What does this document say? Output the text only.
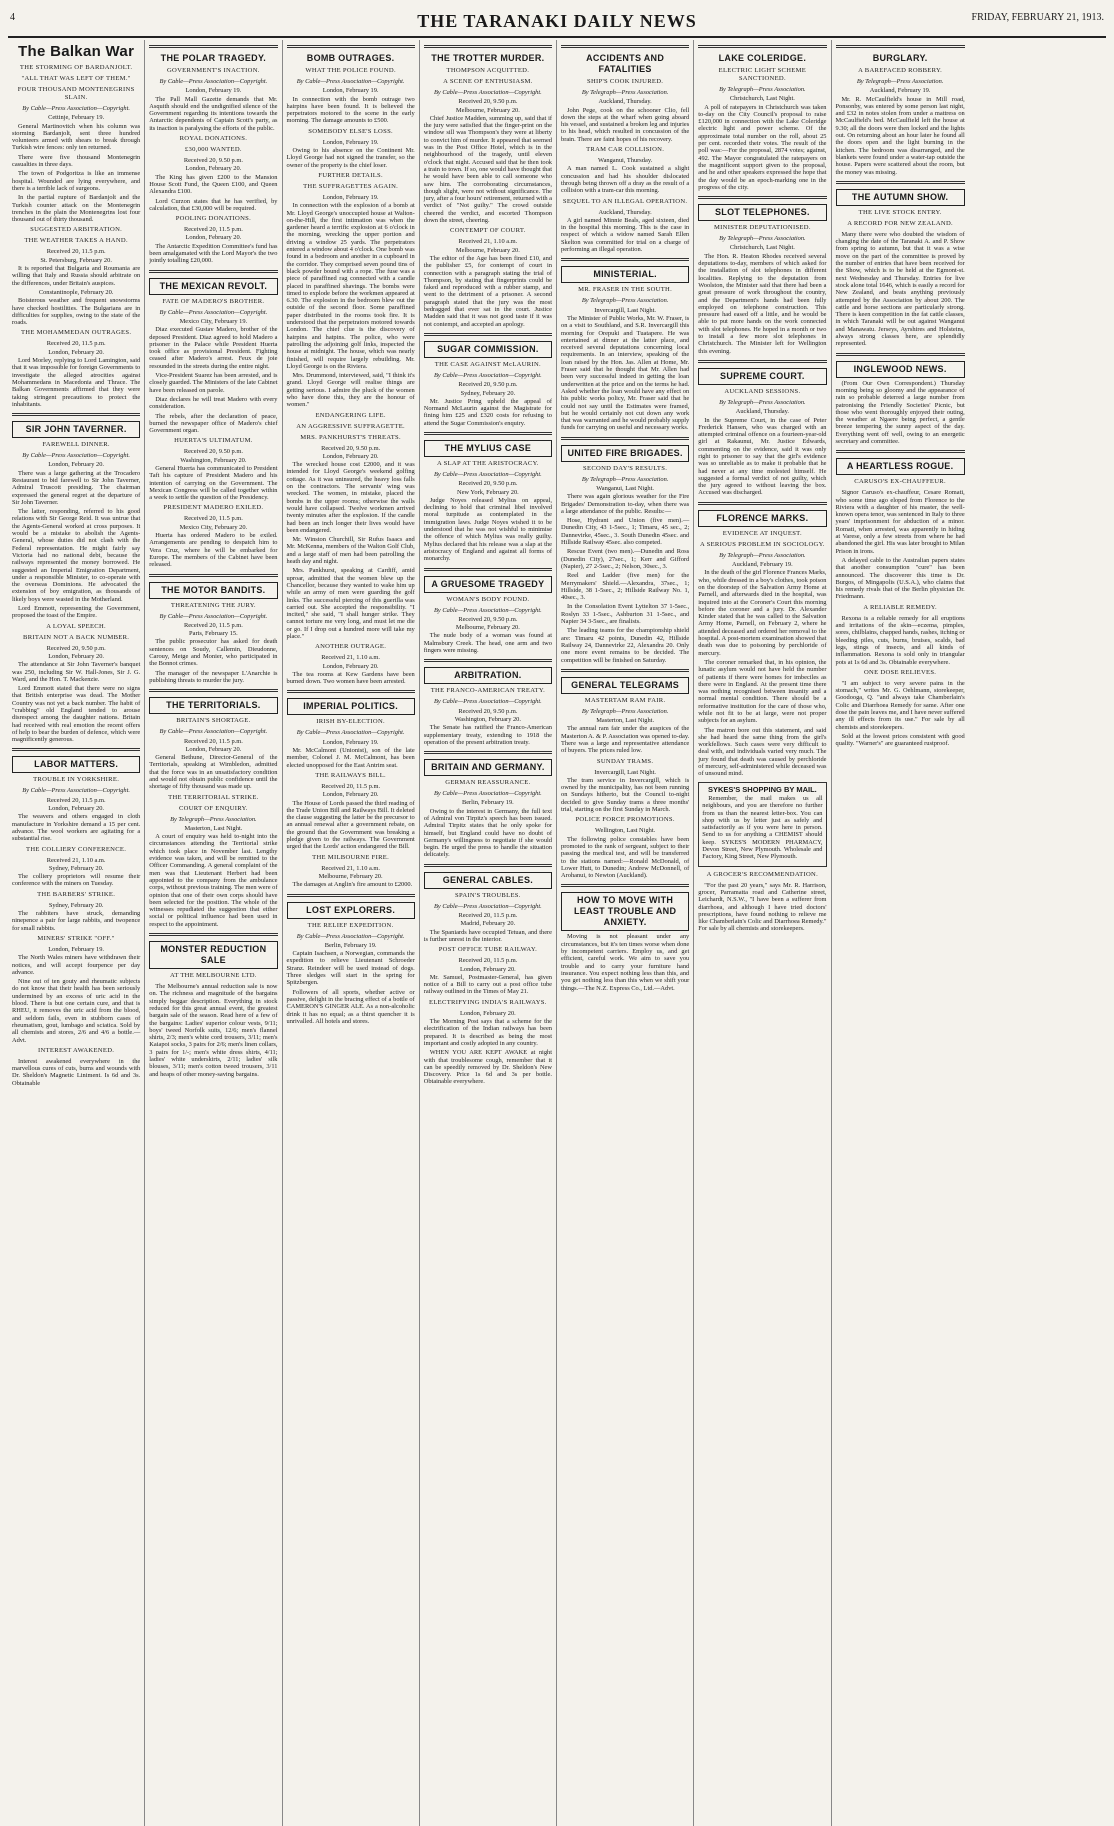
4	THE TARANAKI DAILY NEWS	FRIDAY, FEBRUARY 21, 1913.
The Balkan War
THE STORMING OF BARDANJOLT.
"ALL THAT WAS LEFT OF THEM."
FOUR THOUSAND MONTENEGRINS SLAIN.
By Cable—Press Association—Copyright.
Cettinje, February 19.

General Martinovitch when his column was storming Bardanjolt, sent three hundred volunteers armed with shears to break through Turkish wire fences: only ten returned.

There were five thousand Montenegrin casualties in three days.

The town of Podgoritza is like an immense hospital. Wounded are lying everywhere, and there is a terrible lack of surgeons.

In the partial rupture of Bardanjolt and the Turkish counter attack on the Montenegrin trenches in the plain the Montenegrins lost four thousand out of thirty thousand.

SUGGESTED ARBITRATION.
THE WEATHER TAKES A HAND.
Received 20, 11.5 p.m.
St. Petersburg, February 20.

It is reported that Bulgaria and Roumania are willing that Italy and Russia should arbitrate on the differences, under Britain's auspices.

Constantinople, February 20.

Boisterous weather and frequent snowstorms have checked hostilities. The Bulgarians are in difficulties for supplies, owing to the state of the roads.

THE MOHAMMEDAN OUTRAGES.
Received 20, 11.5 p.m.
London, February 20.

Lord Morley, replying to Lord Lamington, said that it was impossible for foreign Governments to investigate the alleged atrocities against Mohammedans in Macedonia and Thrace. The Balkan Governments affirmed that they were taking stringent precautions to protect the inhabitants.

SIR JOHN TAVERNER.
FAREWELL DINNER.
By Cable—Press Association—Copyright.
London, February 20.

There was a large gathering at the Trocadero Restaurant to bid farewell to Sir John Taverner, Admiral Truscott presiding. The chairman expressed the general regret at the departure of Sir John Taverner.

The latter, responding, referred to his good relations with Sir George Reid. It was untrue that the Agents-General worked at cross purposes. It would be a mistake to abolish the Agents-General, whose duties did not clash with the Federal representation. He might fairly say Victoria had no national debt, because the railways represented the money borrowed. He suggested an Imperial Emigration Department, under a responsible Minister, to co-operate with the overseas Dominions. He advocated the extension of boy emigration, as thousands of likely boys were wasted in the Motherland.

Lord Emmott, representing the Government, proposed the toast of the Empire.

A LOYAL SPEECH.
BRITAIN NOT A BACK NUMBER.
Received 20, 9.50 p.m.
London, February 20.

The attendance at Sir John Taverner's banquet was 250, including Sir W. Hall-Jones, Sir J. G. Ward, and the Hon. T. Mackenzie.

Lord Emmott stated that there were no signs that British enterprise was dead. The Mother Country was not yet a back number. The habit of "crabbing" old England tended to arouse disrespect among the daughter nations. Britain had received with real emotion the recent offers of help to bear the burden of defence, which were magnificently generous.

LABOR MATTERS.
TROUBLE IN YORKSHIRE.
By Cable—Press Association—Copyright.
Received 20, 11.5 p.m.
London, February 20.

The weavers and others engaged in cloth manufacture in Yorkshire demand a 15 per cent. advance. The wool workers are agitating for a substantial rise.

THE COLLIERY CONFERENCE.
Received 21, 1.10 a.m.
Sydney, February 20.

The colliery proprietors will resume their conference with the miners on Tuesday.

THE BARBERS' STRIKE.
Sydney, February 20.

The rabbiters have struck, demanding ninepence a pair for large rabbits, and twopence for small rabbits.

MINERS' STRIKE "OFF."
London, February 19.

The North Wales miners have withdrawn their notices, and will accept fourpence per day advance.

Nine out of ten gouty and rheumatic subjects do not know that their health has been seriously undermined by an excess of uric acid in the blood. There is but one certain cure, and that is RHEU, it removes the uric acid from the blood, and seldom fails, even in stubborn cases of rheumatism, gout, lumbago and sciatica. Sold by all chemists and stores, 2/6 and 4/6 a bottle.—Advt.

INTEREST AWAKENED.

Interest awakened everywhere in the marvellous cures of cuts, burns and wounds with Dr. Sheldon's Magnetic Liniment. Is 6d and 3s. Obtainable

THE POLAR TRAGEDY.
GOVERNMENT'S INACTION.
By Cable—Press Association—Copyright.
London, February 19.

The Pall Mall Gazette demands that Mr. Asquith should end the undignified silence of the Government regarding its intentions towards the Antarctic dependents of Captain Scott's party, as its inaction is paralysing the efforts of the public.

ROYAL DONATIONS.
£30,000 WANTED.
Received 20, 9.50 p.m.
London, February 20.

The King has given £200 to the Mansion House Scott Fund, the Queen £100, and Queen Alexandra £100.

Lord Curzon states that he has verified, by calculation, that £30,000 will be required.

POOLING DONATIONS.
Received 20, 11.5 p.m.
London, February 20.

The Antarctic Expedition Committee's fund has been amalgamated with the Lord Mayor's the two jointly totalling £20,000.

THE MEXICAN REVOLT.
FATE OF MADERO'S BROTHER.
By Cable—Press Association—Copyright.
Mexico City, February 19.

Diaz executed Gustav Madero, brother of the deposed President. Diaz agreed to hold Madero a prisoner in the Palace while President Huerta took office as provisional President. Fighting ceased after Madero's arrest. Feux de joie resounded in the streets during the entire night.

Vice-President Suarez has been arrested, and is closely guarded. The Ministers of the late Cabinet have been released on parole.

Diaz declares he will treat Madero with every consideration.

The rebels, after the declaration of peace, burned the newspaper office of Madero's chief Government organ.

HUERTA'S ULTIMATUM.
Received 20, 9.50 p.m.
Washington, February 20.

General Huerta has communicated to President Taft his capture of President Madero and his intention of carrying on the Government. The Mexican Congress will be called together within a week to settle the question of the Presidency.

PRESIDENT MADERO EXILED.
Received 20, 11.5 p.m.
Mexico City, February 20.

Huerta has ordered Madero to be exiled. Arrangements are pending to despatch him to Vera Cruz, where he will be embarked for Europe. The members of the Cabinet have been released.

THE MOTOR BANDITS.
THREATENING THE JURY.
By Cable—Press Association—Copyright.
Received 20, 11.5 p.m.
Paris, February 15.

The public prosecutor has asked for death sentences on Soudy, Callemin, Dieudonne, Carouy, Metge and Monier, who participated in the Bonnot crimes.

The manager of the newspaper L'Anarchie is publishing threats to murder the jury.

THE TERRITORIALS.
BRITAIN'S SHORTAGE.
By Cable—Press Association—Copyright.
Received 20, 11.5 p.m.
London, February 20.

General Bethune, Director-General of the Territorials, speaking at Wimbledon, admitted that the force was in an unsatisfactory condition and would not obtain public confidence until the shortage of fifty thousand was made up.

THE TERRITORIAL STRIKE.
COURT OF ENQUIRY.
By Telegraph—Press Association.
Masterton, Last Night.

A court of enquiry was held to-night into the circumstances attending the Territorial strike which took place in November last. Lengthy evidence was taken, and will be remitted to the Officer Commanding. A general complaint of the men was that Lieutenant Herbert had been appointed to the company from the ambulance corps, without previous training. The men were of opinion that one of their own corps should have been selected for the position. The whole of the witnesses repudiated the suggestion that either social or political influence had been used in respect to the appointment.

MONSTER REDUCTION SALE
AT THE MELBOURNE LTD.

The Melbourne's annual reduction sale is now on. The richness and magnitude of the bargains simply beggar description. Everything in stock reduced for this great annual event, the greatest bargain sale of the season. Read here of a few of the bargains: Ladies' superior colour vests, 9/11; boys' tweed Norfolk suits, 12/6; men's flannel shirts, 2/3; men's white cord trousers, 3/11; men's Kaiapoi socks, 3 pairs for 2/6; men's linen collars, 3 pairs for 1/-; men's white dress shirts, 4/11; ladies' white underskirts, 2/11; ladies' silk blouses, 3/11; men's cotton tweed trousers, 3/11 and heaps of other money-saving bargains.

BOMB OUTRAGES.
WHAT THE POLICE FOUND.
By Cable—Press Association—Copyright.
London, February 19.

In connection with the bomb outrage two hairpins have been found. It is believed the perpetrators motored to the scene in the early morning. The damage amounts to £500.

SOMEBODY ELSE'S LOSS.
London, February 19.

Owing to his absence on the Continent Mr. Lloyd George had not signed the transfer, so the owner of the property is the chief loser.

FURTHER DETAILS.
THE SUFFRAGETTES AGAIN.
London, February 19.

In connection with the explosion of a bomb at Mr. Lloyd George's unoccupied house at Walton-on-the-Hill, the first intimation was when the gardener heard a terrific explosion at 6 o'clock in the morning, wrecking the upper portion and driving a window 25 yards. The perpetrators entered a window about 4 o'clock. One bomb was found in a bedroom and another in a cupboard in the corridor. They comprised seven pound tins of black powder bound with a rope. The fuse was a piece of paraffined rag connected with a candle placed in paraffined shavings. The bombs were timed to explode before the workmen appeared at 6.30. The explosion in the bedroom blew out the outside of the second floor. Some paraffined paper distributed in the rooms took fire. It is understood that the perpetrators motored towards London. The chief clue is the discovery of hairpins and hatpins. The police, who were patrolling the adjoining golf links, inspected the house at midnight. The house, which was nearly finished, will require largely rebuilding. Mr. Lloyd George is on the Riviera.

Mrs. Drummond, interviewed, said, "I think it's grand. Lloyd George will realise things are getting serious. I admire the pluck of the women who have done this, they are the honour of women."

ENDANGERING LIFE.
AN AGGRESSIVE SUFFRAGETTE.
MRS. PANKHURST'S THREATS.
Received 20, 9.50 p.m.
London, February 20.

The wrecked house cost £2000, and it was intended for Lloyd George's weekend golfing cottage. As it was uninsured, the heavy loss falls on the contractors. The servants' wing was wrecked. The women, in mistake, placed the bombs in the upper rooms; otherwise the walls would have collapsed. Twelve workmen arrived twenty minutes after the explosion. If the candle had been an inch longer their lives would have been endangered.

Mr. Winston Churchill, Sir Rufus Isaacs and Mr. McKenna, members of the Walton Golf Club, and a large staff of men had been patrolling the heath day and night.

Mrs. Pankhurst, speaking at Cardiff, amid uproar, admitted that the women blew up the Chancellor, because they wanted to wake him up while an army of men were guarding the golf links. The successful piercing of this guerilla was carried out. She accepted the responsibility. "I incited," she said, "I shall hunger strike. They cannot torture me very long, and must let me die or go. If I drop out a hundred more will take my place."

ANOTHER OUTRAGE.
Received 21, 1.10 a.m.
London, February 20.

The tea rooms at Kew Gardens have been burned down. Two women have been arrested.

IMPERIAL POLITICS.
IRISH BY-ELECTION.
By Cable—Press Association—Copyright.
London, February 19.

Mr. McCalmont (Unionist), son of the late member, Colonel J. M. McCalmont, has been elected unopposed for the East Antrim seat.

THE RAILWAYS BILL.
Received 20, 11.5 p.m.
London, February 20.

The House of Lords passed the third reading of the Trade Union Bill and Railways Bill. It deleted the clause suggesting the latter be the precursor to an annual renewal after a government rebate, on the ground that the Government was breaking a pledge given to the railways. The Government urged that the Lords' action endangered the Bill.

THE MILBOURNE FIRE.
Received 21, 1.10 a.m.
Melbourne, February 20.

The damages at Anglin's fire amount to £2000.

LOST EXPLORERS.
THE RELIEF EXPEDITION.
By Cable—Press Association—Copyright.
Berlin, February 19.

Captain Isachsen, a Norwegian, commands the expedition to relieve Lieutenant Schroeder Stranz. Reindeer will be used instead of dogs. Three sledges will start in the spring for Spitzbergen.

Followers of all sports, whether active or passive, delight in the bracing effect of a bottle of CAMERON'S GINGER ALE. As a non-alcoholic drink it has no equal; as a thirst quencher it is unrivalled. All hotels and stores.

THE TROTTER MURDER.
THOMPSON ACQUITTED.
A SCENE OF ENTHUSIASM.
By Cable—Press Association—Copyright.
Received 20, 9.50 p.m.
Melbourne, February 20.

Chief Justice Madden, summing up, said that if the jury were satisfied that the finger-print on the window sill was Thompson's they were at liberty to convict him of murder. It appeared that seemed was in the Post Office Hotel, which is in the neighbourhood of the tragedy, until eleven o'clock that night. Accused said that he then took a train to town. If so, one would have thought that he would have been able to call someone who saw him. The corroborating circumstances, though slight, were not without significance. The jury, after a four hours' retirement, returned with a verdict of "Not guilty." The crowd outside cheered the verdict, and escorted Thompson down the street, cheering.

CONTEMPT OF COURT.
Received 21, 1.10 a.m.
Melbourne, February 20.

The editor of the Age has been fined £10, and the publisher £5, for contempt of court in connection with a paragraph stating the trial of Thompson, by stating that fingerprints could be faked and reproduced with a rubber stamp, and went to the detriment of a prisoner. A second paragraph stated that the jury was the most bedragged that ever sat in the court. Justice Madden said that it was not good taste if it was not contempt, and accepted an apology.

SUGAR COMMISSION.
THE CASE AGAINST McLAURIN.
By Cable—Press Association—Copyright.
Received 20, 9.50 p.m.
Sydney, February 20.

Mr. Justice Pring upheld the appeal of Normand McLaurin against the Magistrate for fining him £25 and £320 costs for refusing to attend the Sugar Commission's enquiry.

THE MYLIUS CASE
A SLAP AT THE ARISTOCRACY.
By Cable—Press Association—Copyright.
Received 20, 9.50 p.m.
New York, February 20.

Judge Noyes released Mylius on appeal, declining to hold that criminal libel involved moral turpitude as contemplated in the immigration laws. Judge Noyes wished it to be understood that he was not wishful to minimise the offence of which Mylius was really guilty. Mylius declared that his release was a slap at the aristocracy of England and against all forms of monarchy.

A GRUESOME TRAGEDY
WOMAN'S BODY FOUND.
By Cable—Press Association—Copyright.
Received 20, 9.50 p.m.
Melbourne, February 20.

The nude body of a woman was found at Malmsbury Creek. The head, one arm and two fingers were missing.

ARBITRATION.
THE FRANCO-AMERICAN TREATY.
By Cable—Press Association—Copyright.
Received 20, 9.50 p.m.
Washington, February 20.

The Senate has ratified the Franco-American supplementary treaty, extending to 1918 the operation of the present arbitration treaty.

BRITAIN AND GERMANY.
GERMAN REASSURANCE.
By Cable—Press Association—Copyright.
Berlin, February 19.

Owing to the interest in Germany, the full text of Admiral von Tirpitz's speech has been issued. Admiral Tirpitz states that he only spoke for himself, but England could have no doubt of Germany's willingness to negotiate if she would begin. He urged the press to handle the situation delicately.

GENERAL CABLES.
SPAIN'S TROUBLES.
By Cable—Press Association—Copyright.
Received 20, 11.5 p.m.
Madrid, February 20.

The Spaniards have occupied Tetuan, and there is further unrest in the interior.

POST OFFICE TUBE RAILWAY.
Received 20, 11.5 p.m.
London, February 20.

Mr. Samuel, Postmaster-General, has given notice of a Bill to carry out a post office tube railway outlined in the Times of May 21.

ELECTRIFYING INDIA'S RAILWAYS.
London, February 20.

The Morning Post says that a scheme for the electrification of the Indian railways has been prepared. It is described as being the most important and costly adopted in any country.

WHEN YOU ARE KEPT AWAKE at night with that troublesome cough, remember that it can be speedily removed by Dr. Sheldon's New Discovery. Price 1s 6d and 3s per bottle. Obtainable everywhere.

ACCIDENTS AND FATALITIES
SHIP'S COOK INJURED.
By Telegraph—Press Association.
Auckland, Thursday.

John Pege, cook on the schooner Clio, fell down the steps at the wharf when going aboard his vessel, and sustained a broken leg and injuries to his head, which resulted in concussion of the brain. There are faint hopes of his recovery.

TRAM CAR COLLISION.
Wanganui, Thursday.

A man named L. Cook sustained a slight concussion and had his shoulder dislocated through being thrown off a dray as the result of a collision with a tram-car this morning.

SEQUEL TO AN ILLEGAL OPERATION.
Auckland, Thursday.

A girl named Minnie Beals, aged sixteen, died in the hospital this morning. This is the case in respect of which a widow named Sarah Ellen Skelton was committed for trial on a charge of performing an illegal operation.

MINISTERIAL.
MR. FRASER IN THE SOUTH.
By Telegraph—Press Association.
Invercargill, Last Night.

The Minister of Public Works, Mr. W. Fraser, is on a visit to Southland, and S.R. Invercargill this morning for Orepuki and Tuatapere. He was entertained at dinner at the latter place, and received several deputations concerning local requirements. In an interview, speaking of the loan raised by the Hon. Jas. Allen at Home, Mr. Fraser said that he thought that Mr. Allen had been very successful indeed in getting the loan underwritten at the price and on the terms he had. Asked whether the loan would have any effect on his public works policy, Mr. Fraser said that he could not say until the Estimates were framed, but he would certainly not cut down any work that was warranted and he would probably supply funds for carrying on useful and necessary works.

UNITED FIRE BRIGADES.
SECOND DAY'S RESULTS.
By Telegraph—Press Association.
Wanganui, Last Night.

There was again glorious weather for the Fire Brigades' Demonstration to-day, when there was a large attendance of the public. Results:—

Hose, Hydrant and Union (five men).—Dunedin City, 43 1-5sec., 1; Timaru, 45 sec., 2; Dannevirke, 45sec., 3. South Dunedin 45sec. and Hillside Railway 45sec. also competed.

Rescue Event (two men).—Dunedin and Ross (Dunedin City), 27sec., 1; Kerr and Gifford (Napier), 27 2-5sec., 2; Nelson, 30sec., 3.

Reel and Ladder (five men) for the Merrymakers' Shield.—Alexandra, 37sec., 1; Hillside, 38 1-5sec., 2; Hillside Railway No. 1, 40sec., 3.

In the Consolation Event Lyttelton 37 1-5sec., Roslyn 33 1-5sec., Ashburton 31 1-5sec., and Napier 34 3-5sec., are finalists.

The leading teams for the championship shield are: Timaru 42 points, Dunedin 42, Hillside Railway 24, Dannevirke 22, Alexandra 20. Only one more event remains to be decided. The competition will be finished on Saturday.

GENERAL TELEGRAMS
MASTERTAM RAM FAIR.
By Telegraph—Press Association.
Masterton, Last Night.

The annual ram fair under the auspices of the Masterton A. & P. Association was opened to-day. There was a large and representative attendance of buyers. The prices ruled low.

SUNDAY TRAMS.
Invercargill, Last Night.

The tram service in Invercargill, which is owned by the municipality, has not been running on Sundays hitherto, but the Council to-night decided to give Sunday trams a three months' trial, starting on the first Sunday in March.

POLICE FORCE PROMOTIONS.
Wellington, Last Night.

The following police constables have been promoted to the rank of sergeant, subject to their passing the medical test, and will be transferred to the stations named:—Ronald McDonald, of Lower Hutt, to Dunedin; Andrew McDonnell, of Arohanui, to Newton (Auckland).

HOW TO MOVE WITH LEAST TROUBLE AND ANXIETY.

Moving is not pleasant under any circumstances, but it's ten times worse when done by incompetent carriers. Employ us, and get efficient, careful work. We aim to save you trouble and to carry your furniture hand insurance. You expect nothing less than this, and you get nothing less than this when we shift your things.—The N.Z. Express Co., Ltd.—Advt.

LAKE COLERIDGE.
ELECTRIC LIGHT SCHEME SANCTIONED.
By Telegraph—Press Association.
Christchurch, Last Night.

A poll of ratepayers in Christchurch was taken to-day on the City Council's proposal to raise £120,000 in connection with the Lake Coleridge electric light and power scheme. Of the approximate total number on the roll, about 25 per cent. recorded their votes. The result of the poll was:—For the proposal, 2874 votes; against, 492. The Mayor congratulated the ratepayers on the magnificent support given to the proposal, and he and other speakers expressed the hope that the day would be an epoch-marking one in the progress of the city.

SLOT TELEPHONES.
MINISTER DEPUTATIONISED.
By Telegraph—Press Association.
Christchurch, Last Night.

The Hon. R. Heaton Rhodes received several deputations to-day, members of which asked for the installation of slot telephones in different localities. Replying to the deputation from Woolston, the Minister said that there had been a great pressure of work throughout the country, and the Department's hands had been fully employed on telephone construction. This pressure had eased off a little, and he would be able to put more hands on the work connected with slot telephones. He hoped in a month or two to install a few more slot telephones in Christchurch. The Minister left for Wellington this evening.

SUPREME COURT.
AUCKLAND SESSIONS.
By Telegraph—Press Association.
Auckland, Thursday.

In the Supreme Court, in the case of Peter Frederick Hansen, who was charged with an attempted criminal offence on a fourteen-year-old girl at Rakaunui, Mr. Justice Edwards, commenting on the evidence, said it was only right to prisoner to say that the girl's evidence was so unreliable as to make it probable that he had never at any time molested himself. He suggested a formal verdict of not guilty, which the jury agreed to without leaving the box. Accused was discharged.

FLORENCE MARKS.
EVIDENCE AT INQUEST.
A SERIOUS PROBLEM IN SOCIOLOGY.
By Telegraph—Press Association.
Auckland, February 19.

In the death of the girl Florence Frances Marks, who, while dressed in a boy's clothes, took poison on the doorstep of the Salvation Army Home at Parnell, and afterwards died in the hospital, was inquired into at the Coroner's Court this morning before the coroner and a jury. Dr. Alexander Kinder stated that he was called to the Salvation Army Home, Parnell, on February 2, where he attended deceased and ordered her removal to the hospital. A post-mortem examination showed that death was due to poisoning by perchloride of mercury.

The coroner remarked that, in his opinion, the lunatic asylum would not have held the number of patients if there were homes for imbeciles as there were in England. At the present time there was nothing recognised between insanity and a normal mental condition. There should be a reformative institution for the care of those who, while not fit to be at large, were not proper subjects for an asylum.

The matron bore out this statement, and said she had heard the same thing from the girl's workfellows. Such cases were very difficult to deal with, and individuals varied very much. The jury found that death was caused by perchloride of mercury, self-administered while deceased was of unsound mind.

SYKES'S SHOPPING BY MAIL.
Remember, the mail makes us all neighbours, and you are therefore no further from us than the nearest letter-box. You can shop with us by letter just as safely and satisfactorily as if you were here in person. Send to us for anything a CHEMIST should keep. SYKES'S MODERN PHARMACY, Devon Street, New Plymouth. Wholesale and Factory, King Street, New Plymouth.
A GROCER'S RECOMMENDATION.

"For the past 20 years," says Mr. R. Harrison, grocer, Parramatta road and Catherine street, Leichardt, N.S.W., "I have been a sufferer from diarrhoea, and although I have tried doctors' prescriptions, have found nothing to relieve me like Chamberlain's Colic and Diarrhoea Remedy." For sale by all chemists and storekeepers.

BURGLARY.
A BAREFACED ROBBERY.
By Telegraph—Press Association.
Auckland, February 19.

Mr. R. McCaulfield's house in Mill road, Ponsonby, was entered by some person last night, and £32 in notes stolen from under a mattress on McCaulfield's bed. McCaulfield left the house at 9.30; all the doors were then locked and the lights out. On returning about an hour later he found all the doors open and the light burning in the kitchen. The bedroom was disarranged, and the blankets were found under a water-tap outside the house. Papers were scattered about the room, but the money was missing.

THE AUTUMN SHOW.
THE LIVE STOCK ENTRY.
A RECORD FOR NEW ZEALAND.

Many there were who doubted the wisdom of changing the date of the Taranaki A. and P. Show from spring to autumn, but that it was a wise move on the part of the committee is proved by the number of entries that have been received for the Show, which is to be held at the Egmont-st. next Wednesday and Thursday. Entries for live stock alone total 1646, which is easily a record for New Zealand, and beats anything previously attempted by the Association by about 200. The cattle and horse sections are particularly strong. There is keen competition in the fat cattle classes, in which Taranaki will be out against Wanganui and Manawatu. Jerseys, Ayrshires and Holsteins, always strong classes here, are splendidly represented.

INGLEWOOD NEWS.

(From Our Own Correspondent.) Thursday morning being so gloomy and the appearance of rain so probable deterred a large number from patronising the Friendly Societies' Picnic, but those who went thoroughly enjoyed their outing, the weather at Ngaere being perfect, a gentle breeze tempering the sunny aspect of the day. Everything went off well, owing to an energetic secretary and committee.

A HEARTLESS ROGUE.
CARUSO'S EX-CHAUFFEUR.

Signor Caruso's ex-chauffeur, Cesare Romati, who some time ago eloped from Florence to the Riviera with a daughter of his master, the well-known opera tenor, was sentenced in Italy to three years' imprisonment for abduction of a minor. Romati, when arrested, was apparently in hiding at Varese, only a few streets from where he had abandoned the girl. His was later brought to Milan Prison in irons.

A delayed cable to the Australian papers states that another consumption "cure" has been announced. The discoverer this time is Dr. Burgos, of Mingapolis (U.S.A.), who claims that his remedy rivals that of the Berlin physician Dr. Friedmann.

A RELIABLE REMEDY.

Rexona is a reliable remedy for all eruptions and irritations of the skin—eczema, pimples, sores, chilblains, chapped hands, rashes, itching or bleeding piles, cuts, burns, bruises, scalds, bad legs, stings of insects, and all kinds of inflammation. Rexona is sold only in triangular pots at 1s 6d and 3s. Obtainable everywhere.

ONE DOSE RELIEVES.

"I am subject to very severe pains in the stomach," writes Mr. G. Oehlmann, storekeeper, Goodooga, Q. "and always take Chamberlain's Colic and Diarrhoea Remedy for same. After one dose the pain leaves me, and I have never suffered any ill effects from its use." For sale by all chemists and storekeepers.

Sold at the lowest prices consistent with good quality. "Warner's" are guaranteed rustproof.
